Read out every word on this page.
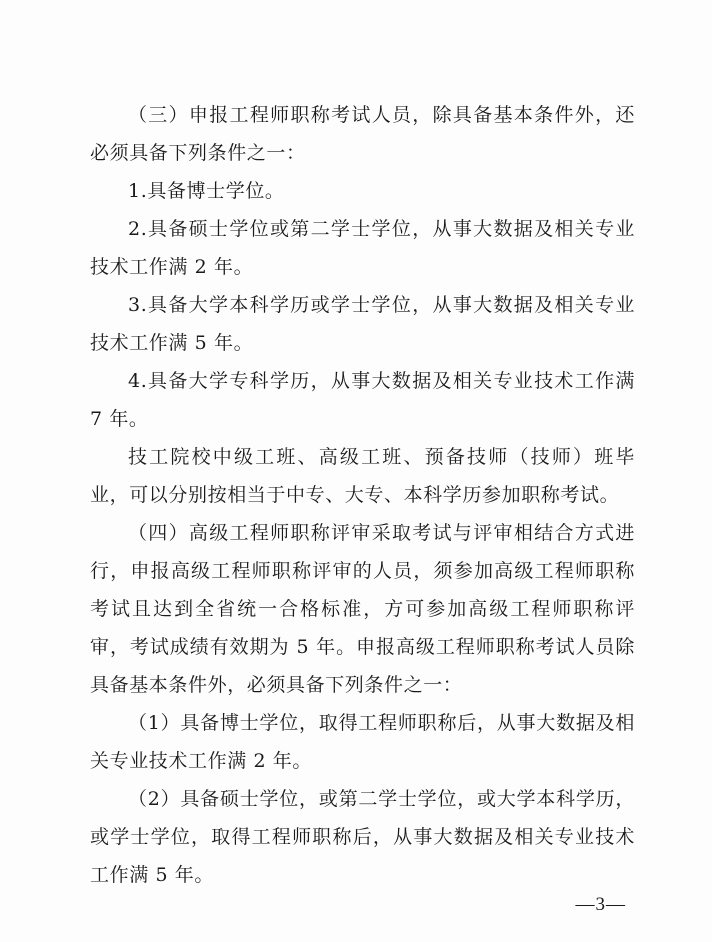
（三）申报工程师职称考试人员，除具备基本条件外，还必须具备下列条件之一：

1.具备博士学位。

2.具备硕士学位或第二学士学位，从事大数据及相关专业技术工作满 2 年。

3.具备大学本科学历或学士学位，从事大数据及相关专业技术工作满 5 年。

4.具备大学专科学历，从事大数据及相关专业技术工作满 7 年。

技工院校中级工班、高级工班、预备技师（技师）班毕业，可以分别按相当于中专、大专、本科学历参加职称考试。

（四）高级工程师职称评审采取考试与评审相结合方式进行，申报高级工程师职称评审的人员，须参加高级工程师职称考试且达到全省统一合格标准，方可参加高级工程师职称评审，考试成绩有效期为 5 年。申报高级工程师职称考试人员除具备基本条件外，必须具备下列条件之一：

（1）具备博士学位，取得工程师职称后，从事大数据及相关专业技术工作满 2 年。

（2）具备硕士学位，或第二学士学位，或大学本科学历，或学士学位，取得工程师职称后，从事大数据及相关专业技术工作满 5 年。

—3—
